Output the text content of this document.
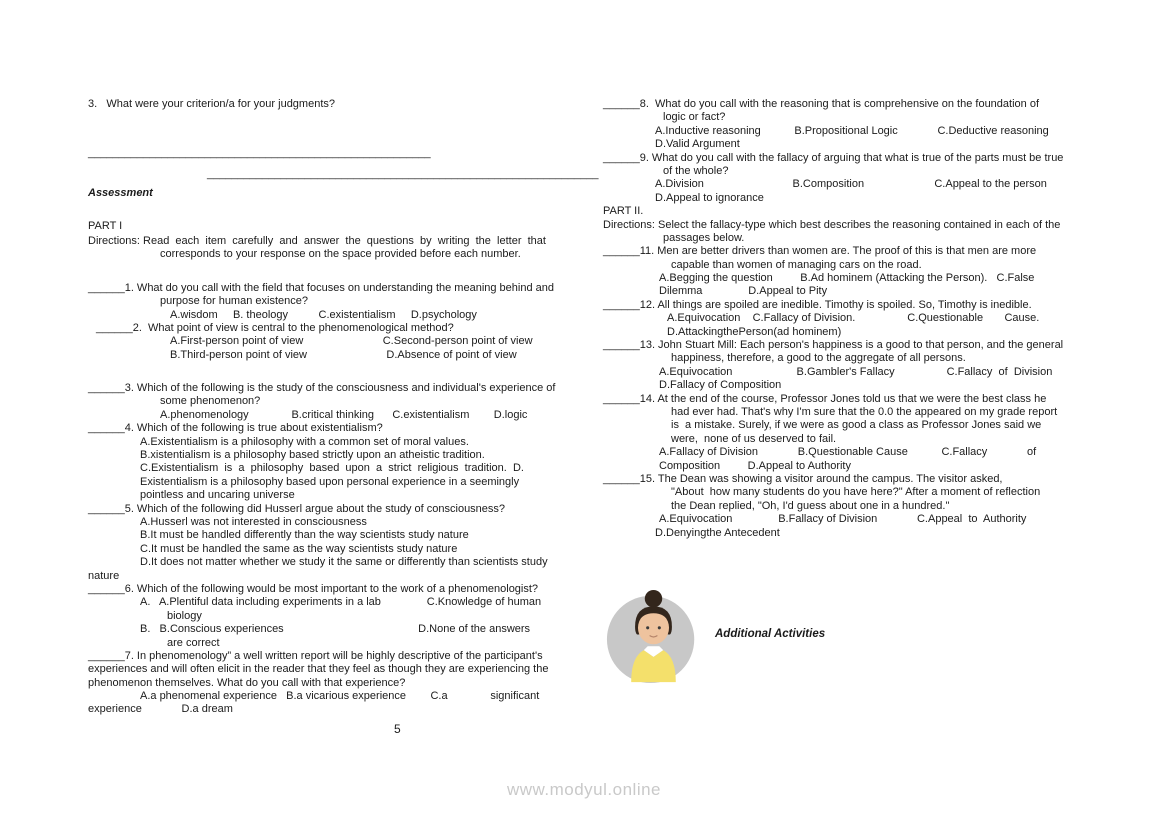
3.   What were your criterion/a for your judgments?
________________________________________________________
________________________________________________________________
Assessment
PART I
Directions: Read  each  item  carefully  and  answer  the  questions  by  writing  the  letter  that
corresponds to your response on the space provided before each number.
______1. What do you call with the field that focuses on understanding the meaning behind and
purpose for human existence?
A.wisdom     B. theology          C.existentialism     D.psychology
______2.  What point of view is central to the phenomenological method?
A.First-person point of view                          C.Second-person point of view
B.Third-person point of view                          D.Absence of point of view
______3. Which of the following is the study of the consciousness and individual's experience of
some phenomenon?
A.phenomenology              B.critical thinking      C.existentialism        D.logic
______4. Which of the following is true about existentialism?
A.Existentialism is a philosophy with a common set of moral values.
B.xistentialism is a philosophy based strictly upon an atheistic tradition.
C.Existentialism  is  a  philosophy  based  upon  a  strict  religious  tradition.  D.
Existentialism is a philosophy based upon personal experience in a seemingly
pointless and uncaring universe
______5. Which of the following did Husserl argue about the study of consciousness?
A.Husserl was not interested in consciousness
B.It must be handled differently than the way scientists study nature
C.It must be handled the same as the way scientists study nature
D.It does not matter whether we study it the same or differently than scientists study
nature
______6. Which of the following would be most important to the work of a phenomenologist?
A.   A.Plentiful data including experiments in a lab               C.Knowledge of human
biology
B.   B.Conscious experiences                                            D.None of the answers
are correct
______7. In phenomenology” a well written report will be highly descriptive of the participant's
experiences and will often elicit in the reader that they feel as though they are experiencing the
phenomenon themselves. What do you call with that experience?
A.a phenomenal experience   B.a vicarious experience        C.a              significant
experience             D.a dream
______8.  What do you call with the reasoning that is comprehensive on the foundation of
logic or fact?
A.Inductive reasoning           B.Propositional Logic             C.Deductive reasoning
D.Valid Argument
______9. What do you call with the fallacy of arguing that what is true of the parts must be true
of the whole?
A.Division                             B.Composition                       C.Appeal to the person
D.Appeal to ignorance
PART II.
Directions: Select the fallacy-type which best describes the reasoning contained in each of the
passages below.
______11. Men are better drivers than women are. The proof of this is that men are more
capable than women of managing cars on the road.
A.Begging the question         B.Ad hominem (Attacking the Person).   C.False
Dilemma               D.Appeal to Pity
______12. All things are spoiled are inedible. Timothy is spoiled. So, Timothy is inedible.
A.Equivocation    C.Fallacy of Division.                 C.Questionable       Cause.
D.AttackingthePerson(ad hominem)
______13. John Stuart Mill: Each person's happiness is a good to that person, and the general
happiness, therefore, a good to the aggregate of all persons.
A.Equivocation                     B.Gambler's Fallacy                 C.Fallacy  of  Division
D.Fallacy of Composition
______14. At the end of the course, Professor Jones told us that we were the best class he
had ever had. That's why I'm sure that the 0.0 the appeared on my grade report
is  a mistake. Surely, if we were as good a class as Professor Jones said we
were,  none of us deserved to fail.
A.Fallacy of Division             B.Questionable Cause           C.Fallacy             of
Composition         D.Appeal to Authority
______15. The Dean was showing a visitor around the campus. The visitor asked,
"About  how many students do you have here?" After a moment of reflection
the Dean replied, "Oh, I'd guess about one in a hundred."
A.Equivocation               B.Fallacy of Division             C.Appeal  to  Authority
D.Denyingthe Antecedent
Additional Activities
5
www.modyul.online
